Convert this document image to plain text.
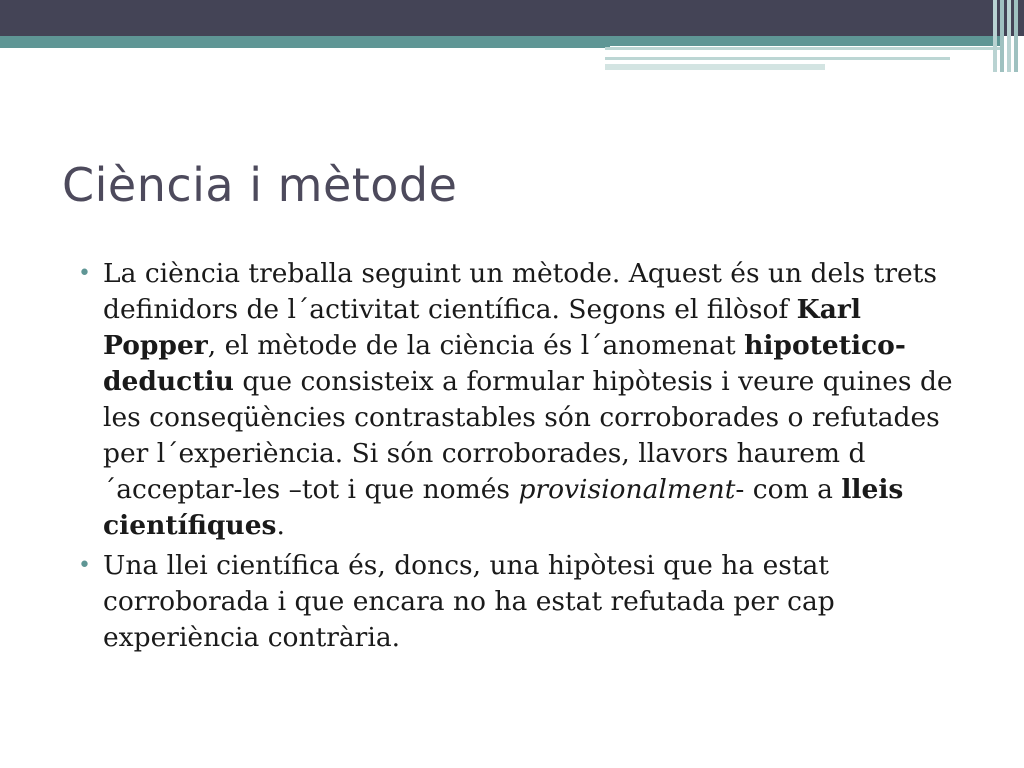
Ciència i mètode
• La ciència treballa seguint un mètode. Aquest és un dels trets definidors de l´activitat científica. Segons el filòsof Karl Popper, el mètode de la ciència és l´anomenat hipotetico-deductiu que consisteix a formular hipòtesis i veure quines de les conseqüències contrastables són corroborades o refutades per l´experiència. Si són corroborades, llavors haurem d´acceptar-les –tot i que només provisionalment- com a lleis científiques.
• Una llei científica és, doncs, una hipòtesi que ha estat corroborada i que encara no ha estat refutada per cap experiència contrària.
